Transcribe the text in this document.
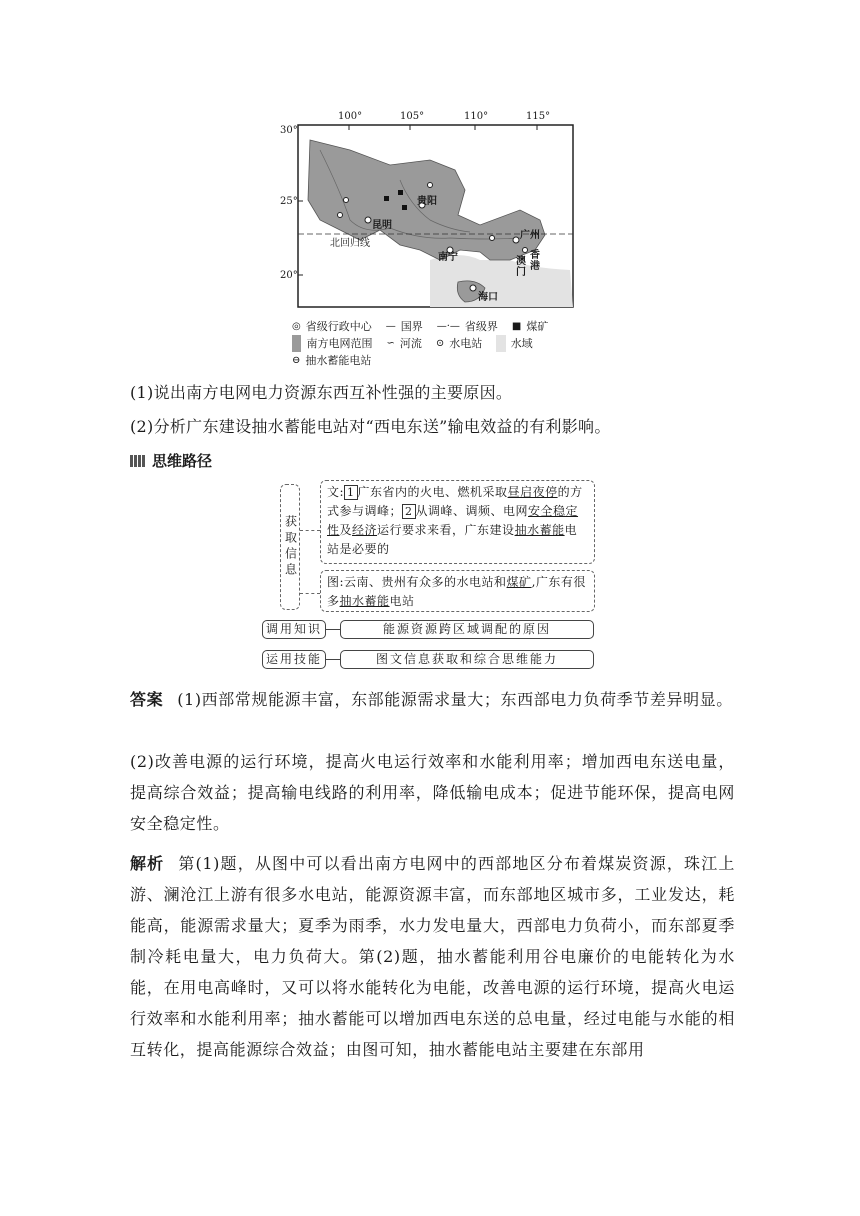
100°	105°	110°	115°
30°
25°
20°
贵阳
昆明
北回归线
南宁
广州
澳门
香港
海口
◎ 省级行政中心 — 国界 —·— 省级界 ■ 煤矿
▭ 南方电网范围 ∽ 河流 ⊙ 水电站 ▭ 水域
⊖ 抽水蓄能电站
(1)说出南方电网电力资源东西互补性强的主要原因。
(2)分析广东建设抽水蓄能电站对“西电东送”输电效益的有利影响。
思维路径
获取信息
文: 1 广东省内的火电、燃机采取昼启夜停的方式参与调峰； 2 从调峰、调频、电网安全稳定性及经济运行要求来看，广东建设抽水蓄能电站是必要的
图:云南、贵州有众多的水电站和煤矿,广东有很多抽水蓄能电站
调用知识	能源资源跨区域调配的原因
运用技能	图文信息获取和综合思维能力
答案 (1)西部常规能源丰富，东部能源需求量大；东西部电力负荷季节差异明显。
(2)改善电源的运行环境，提高火电运行效率和水能利用率；增加西电东送电量，提高综合效益；提高输电线路的利用率，降低输电成本；促进节能环保，提高电网安全稳定性。
解析 第(1)题，从图中可以看出南方电网中的西部地区分布着煤炭资源，珠江上游、澜沧江上游有很多水电站，能源资源丰富，而东部地区城市多，工业发达，耗能高，能源需求量大；夏季为雨季，水力发电量大，西部电力负荷小，而东部夏季制冷耗电量大，电力负荷大。第(2)题，抽水蓄能利用谷电廉价的电能转化为水能，在用电高峰时，又可以将水能转化为电能，改善电源的运行环境，提高火电运行效率和水能利用率；抽水蓄能可以增加西电东送的总电量，经过电能与水能的相互转化，提高能源综合效益；由图可知，抽水蓄能电站主要建在东部用
